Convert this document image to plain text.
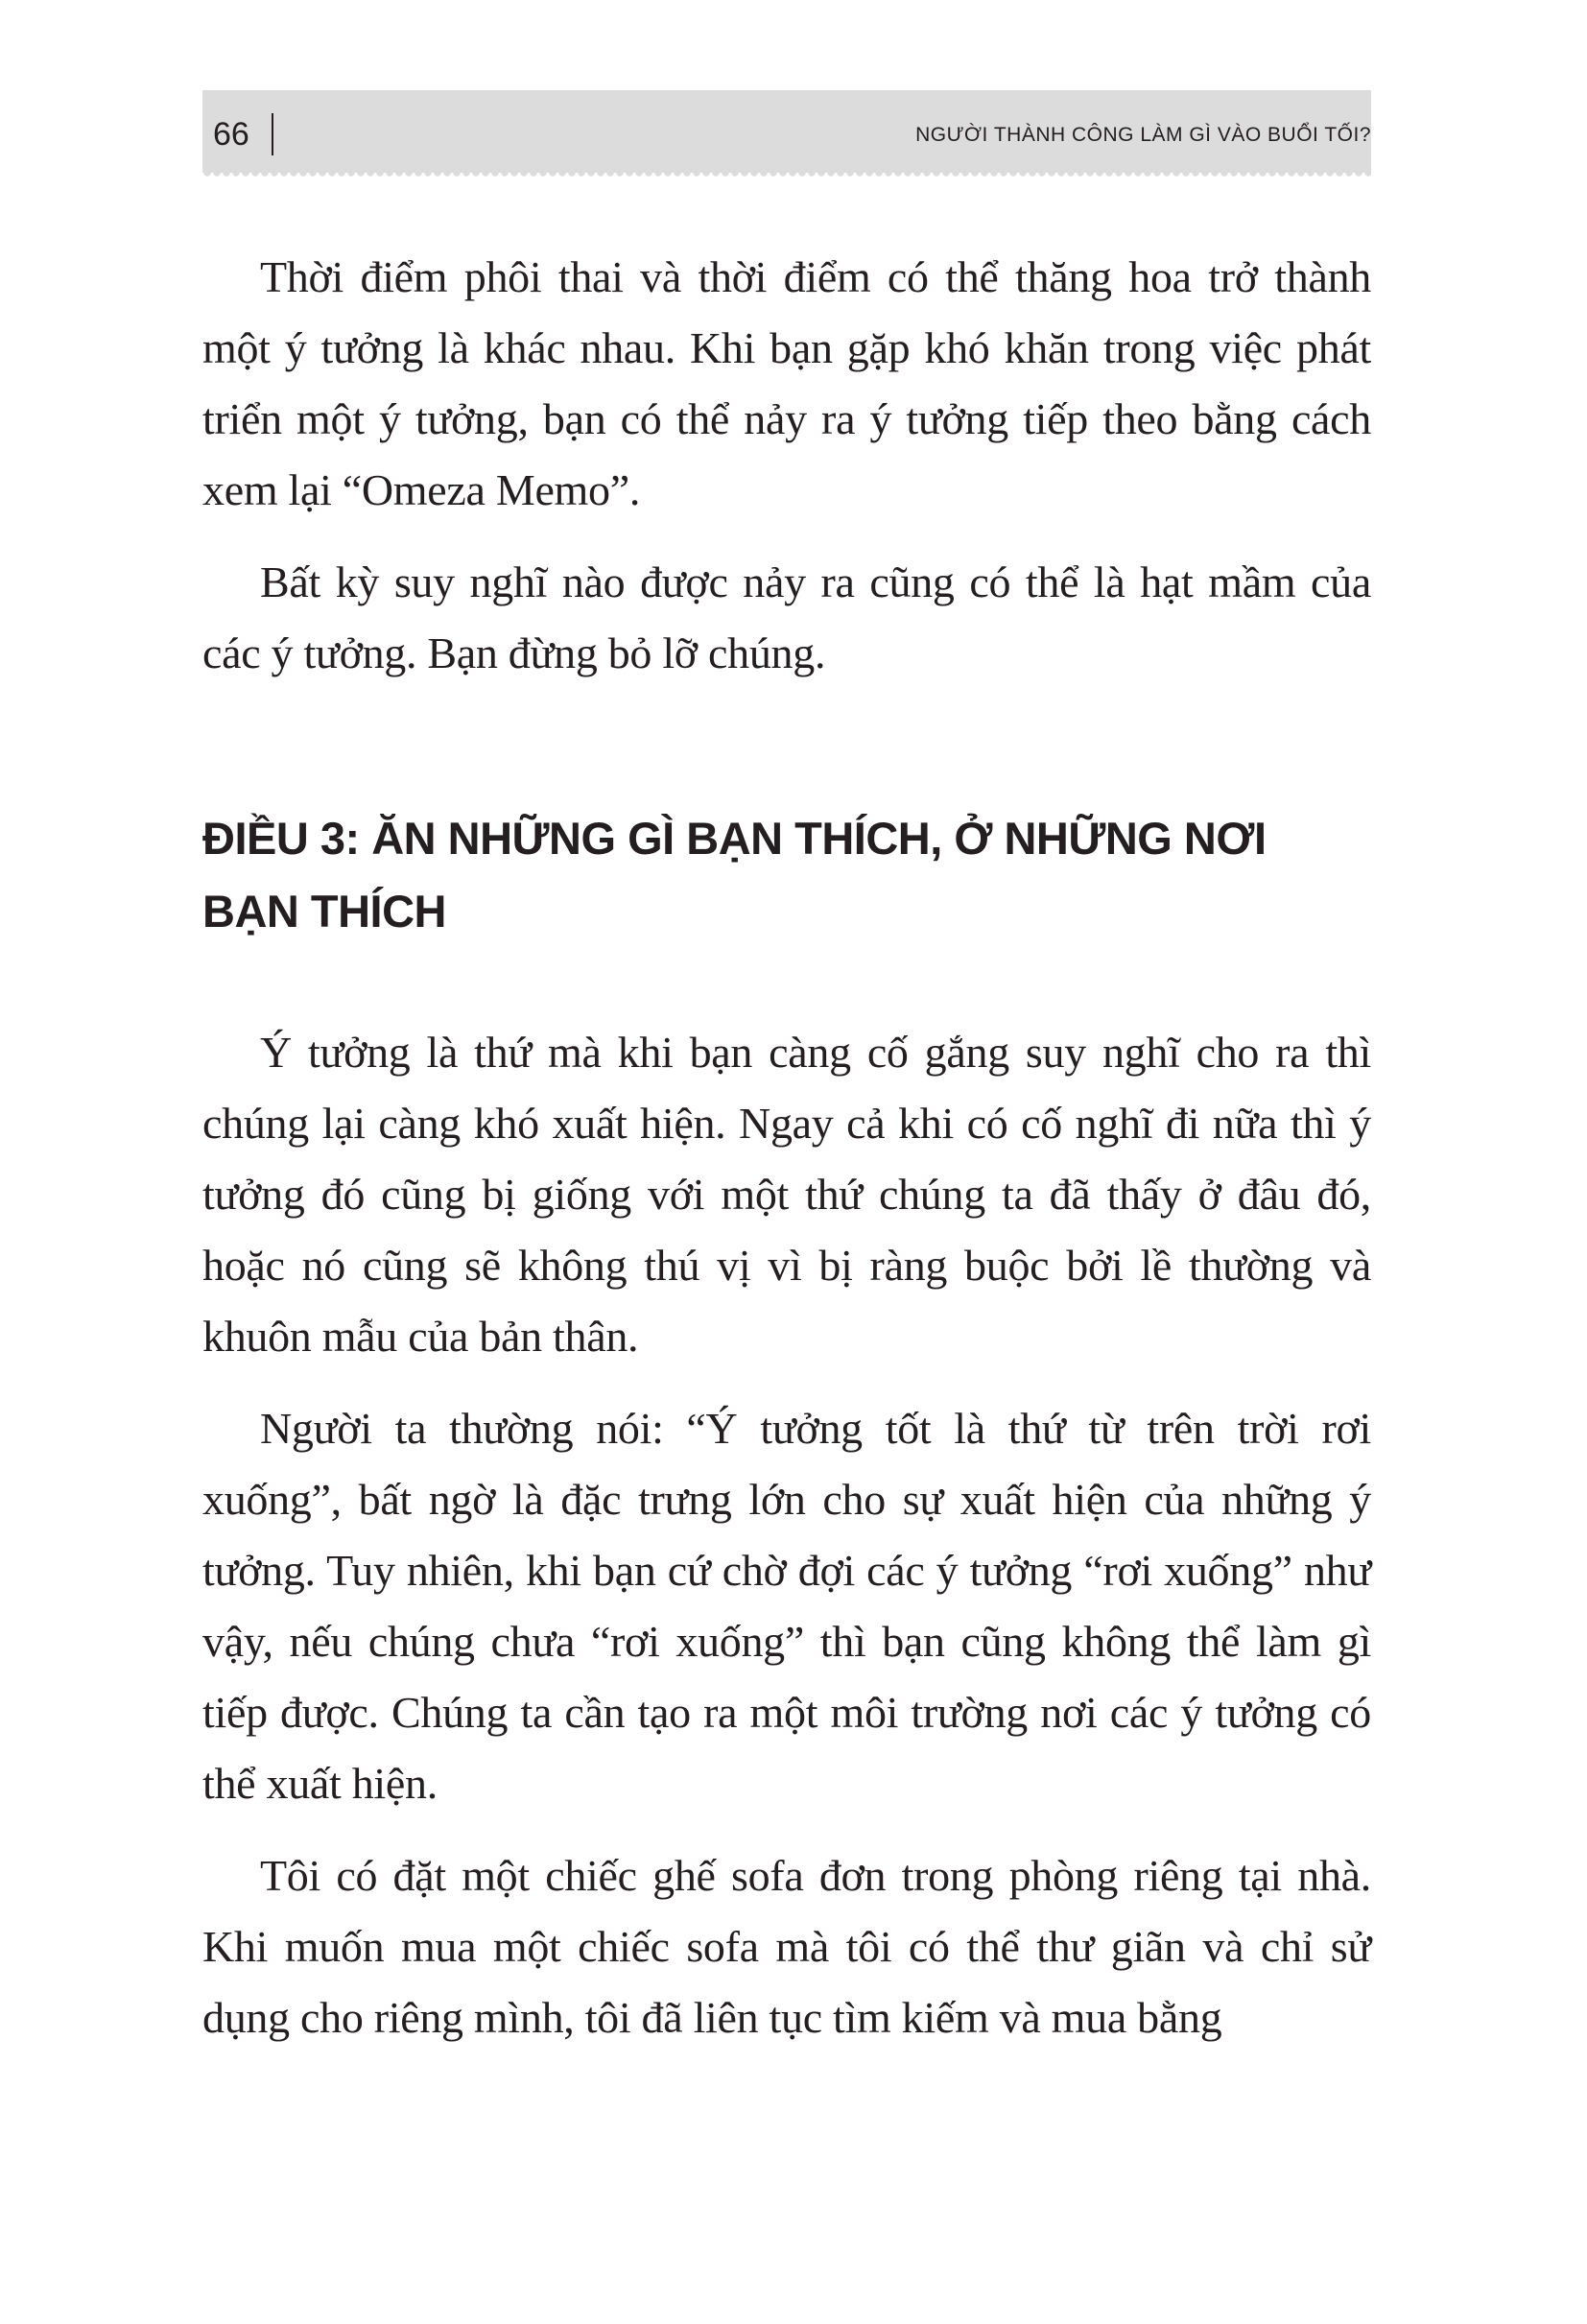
66	NGƯỜI THÀNH CÔNG LÀM GÌ VÀO BUỔI TỐI?

Thời điểm phôi thai và thời điểm có thể thăng hoa trở thành một ý tưởng là khác nhau. Khi bạn gặp khó khăn trong việc phát triển một ý tưởng, bạn có thể nảy ra ý tưởng tiếp theo bằng cách xem lại “Omeza Memo”.

Bất kỳ suy nghĩ nào được nảy ra cũng có thể là hạt mầm của các ý tưởng. Bạn đừng bỏ lỡ chúng.

ĐIỀU 3: ĂN NHỮNG GÌ BẠN THÍCH, Ở NHỮNG NƠI BẠN THÍCH

Ý tưởng là thứ mà khi bạn càng cố gắng suy nghĩ cho ra thì chúng lại càng khó xuất hiện. Ngay cả khi có cố nghĩ đi nữa thì ý tưởng đó cũng bị giống với một thứ chúng ta đã thấy ở đâu đó, hoặc nó cũng sẽ không thú vị vì bị ràng buộc bởi lề thường và khuôn mẫu của bản thân.

Người ta thường nói: “Ý tưởng tốt là thứ từ trên trời rơi xuống”, bất ngờ là đặc trưng lớn cho sự xuất hiện của những ý tưởng. Tuy nhiên, khi bạn cứ chờ đợi các ý tưởng “rơi xuống” như vậy, nếu chúng chưa “rơi xuống” thì bạn cũng không thể làm gì tiếp được. Chúng ta cần tạo ra một môi trường nơi các ý tưởng có thể xuất hiện.

Tôi có đặt một chiếc ghế sofa đơn trong phòng riêng tại nhà. Khi muốn mua một chiếc sofa mà tôi có thể thư giãn và chỉ sử dụng cho riêng mình, tôi đã liên tục tìm kiếm và mua bằng
